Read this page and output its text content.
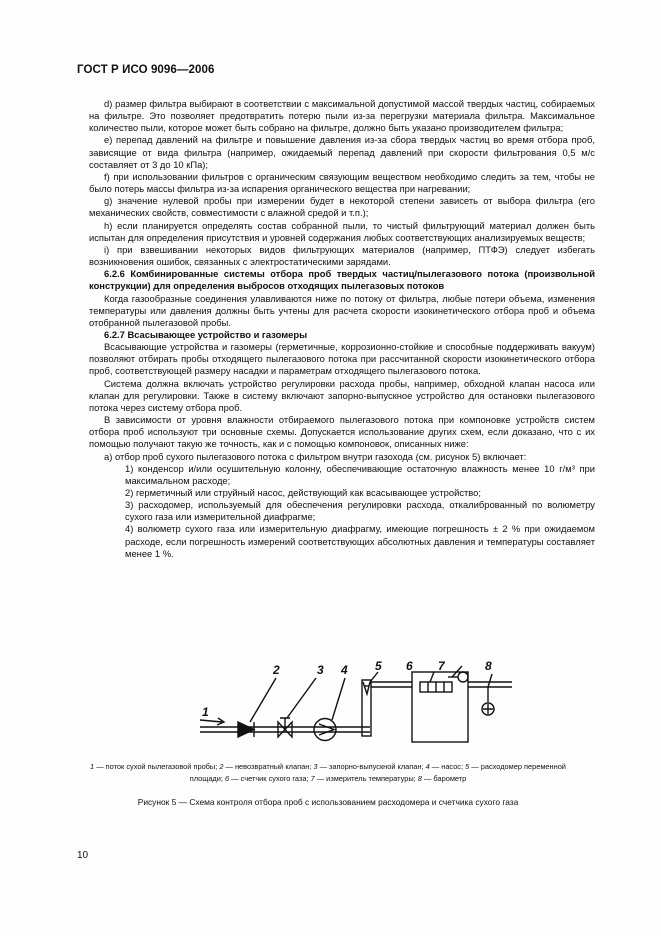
ГОСТ Р ИСО 9096—2006

d) размер фильтра выбирают в соответствии с максимальной допустимой массой твердых частиц, собираемых на фильтре. Это позволяет предотвратить потерю пыли из-за перегрузки материала фильтра. Максимальное количество пыли, которое может быть собрано на фильтре, должно быть указано производителем фильтра;

e) перепад давлений на фильтре и повышение давления из-за сбора твердых частиц во время отбора проб, зависящие от вида фильтра (например, ожидаемый перепад давлений при скорости фильтрования 0,5 м/с составляет от 3 до 10 кПа);

f) при использовании фильтров с органическим связующим веществом необходимо следить за тем, чтобы не было потерь массы фильтра из-за испарения органического вещества при нагревании;

g) значение нулевой пробы при измерении будет в некоторой степени зависеть от выбора фильтра (его механических свойств, совместимости с влажной средой и т.п.);

h) если планируется определять состав собранной пыли, то чистый фильтрующий материал должен быть испытан для определения присутствия и уровней содержания любых соответствующих анализируемых веществ;

i) при взвешивании некоторых видов фильтрующих материалов (например, ПТФЭ) следует избегать возникновения ошибок, связанных с электростатическими зарядами.

6.2.6 Комбинированные системы отбора проб твердых частиц/пылегазового потока (произвольной конструкции) для определения выбросов отходящих пылегазовых потоков

Когда газообразные соединения улавливаются ниже по потоку от фильтра, любые потери объема, изменения температуры или давления должны быть учтены для расчета скорости изокинетического отбора проб и объема отобранной пылегазовой пробы.

6.2.7 Всасывающее устройство и газомеры

Всасывающие устройства и газомеры (герметичные, коррозионно-стойкие и способные поддерживать вакуум) позволяют отбирать пробы отходящего пылегазового потока при рассчитанной скорости изокинетического отбора проб, соответствующей размеру насадки и параметрам отходящего пылегазового потока.

Система должна включать устройство регулировки расхода пробы, например, обходной клапан насоса или клапан для регулировки. Также в систему включают запорно-выпускное устройство для остановки пылегазового потока через систему отбора проб.

В зависимости от уровня влажности отбираемого пылегазового потока при компоновке устройств систем отбора проб используют три основные схемы. Допускается использование других схем, если доказано, что с их помощью получают такую же точность, как и с помощью компоновок, описанных ниже:

a) отбор проб сухого пылегазового потока с фильтром внутри газохода (см. рисунок 5) включает:

1) конденсор и/или осушительную колонну, обеспечивающие остаточную влажность менее 10 г/м³ при максимальном расходе;

2) герметичный или струйный насос, действующий как всасывающее устройство;

3) расходомер, используемый для обеспечения регулировки расхода, откалиброванный по волюметру сухого газа или измерительной диафрагме;

4) волюметр сухого газа или измерительную диафрагму, имеющие погрешность ± 2 % при ожидаемом расходе, если погрешность измерений соответствующих абсолютных давления и температуры составляет менее 1 %.

1
2	3 4 5 6 7	8
1 — поток сухой пылегазовой пробы; 2 — невозвратный клапан; 3 — запорно-выпускной клапан; 4 — насос; 5 — расходомер переменной площади; 6 — счетчик сухого газа; 7 — измеритель температуры; 8 — барометр
Рисунок 5 — Схема контроля отбора проб с использованием расходомера и счетчика сухого газа
10
